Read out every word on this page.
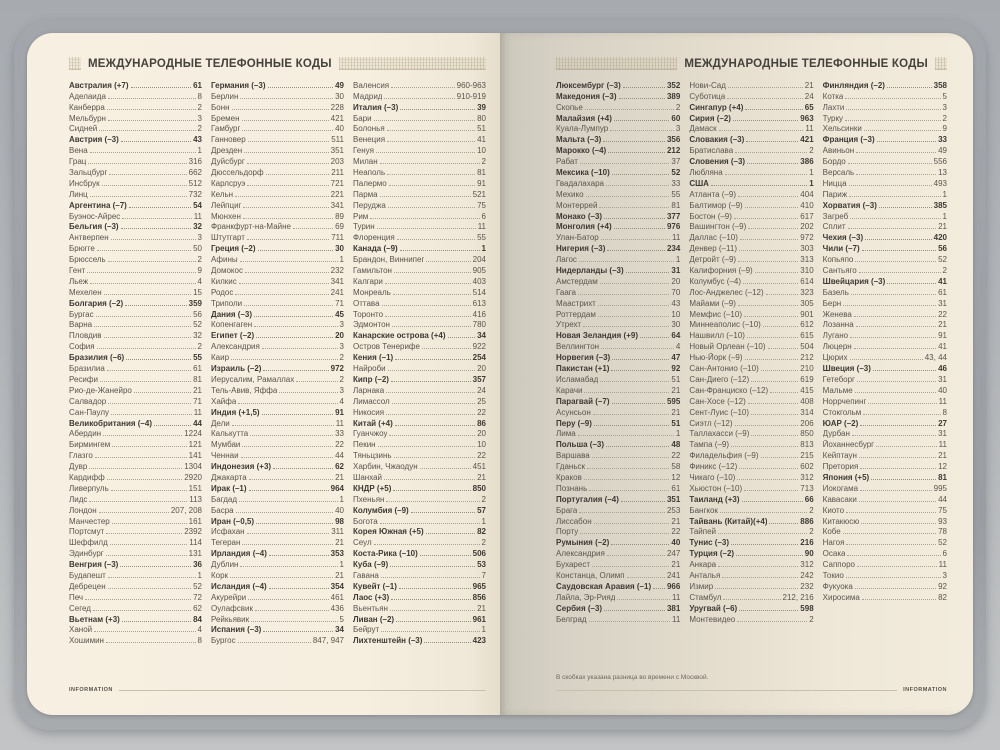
МЕЖДУНАРОДНЫЕ ТЕЛЕФОННЫЕ КОДЫ
Австралия (+7)	61
Аделаида	8
Канберра	2
Мельбурн	3
Сидней	2
Австрия (–3)	43
Вена	1
Грац	316
Зальцбург	662
Инсбрук	512
Линц	732
Аргентина (–7)	54
Буэнос-Айрес	11
Бельгия (–3)	32
Антверпен	3
Брюгге	50
Брюссель	2
Гент	9
Льеж	4
Мехелен	15
Болгария (–2)	359
Бургас	56
Варна	52
Пловдив	32
София	2
Бразилия (–6)	55
Бразилиа	61
Ресифи	81
Рио-де-Жанейро	21
Салвадор	71
Сан-Паулу	11
Великобритания (–4)	44
Абердин	1224
Бирмингем	121
Глазго	141
Дувр	1304
Кардифф	2920
Ливерпуль	151
Лидс	113
Лондон	207, 208
Манчестер	161
Портсмут	2392
Шеффилд	114
Эдинбург	131
Венгрия (–3)	36
Будапешт	1
Дебрецен	52
Печ	72
Сегед	62
Вьетнам (+3)	84
Ханой	4
Хошимин	8
Германия (–3)	49
Берлин	30
Бонн	228
Бремен	421
Гамбург	40
Ганновер	511
Дрезден	351
Дуйсбург	203
Дюссельдорф	211
Карлсруэ	721
Кельн	221
Лейпциг	341
Мюнхен	89
Франкфурт-на-Майне	69
Штутгарт	711
Греция (–2)	30
Афины	1
Домокос	232
Килкис	341
Родос	241
Триполи	71
Дания (–3)	45
Копенгаген	3
Египет (–2)	20
Александрия	3
Каир	2
Израиль (–2)	972
Иерусалим, Рамаллах	2
Тель-Авив, Яффа	3
Хайфа	4
Индия (+1,5)	91
Дели	11
Калькутта	33
Мумбаи	22
Ченнаи	44
Индонезия (+3)	62
Джакарта	21
Ирак (–1)	964
Багдад	1
Басра	40
Иран (–0,5)	98
Исфахан	311
Тегеран	21
Ирландия (–4)	353
Дублин	1
Корк	21
Исландия (–4)	354
Акурейри	461
Оулафсвик	436
Рейкьявик	5
Испания (–3)	34
Бургос	847, 947
Валенсия	960-963
Мадрид	910-919
Италия (–3)	39
Бари	80
Болонья	51
Венеция	41
Генуя	10
Милан	2
Неаполь	81
Палермо	91
Парма	521
Перуджа	75
Рим	6
Турин	11
Флоренция	55
Канада (–9)	1
Брандон, Виннипег	204
Гамильтон	905
Калгари	403
Монреаль	514
Оттава	613
Торонто	416
Эдмонтон	780
Канарские острова (+4)	34
Остров Тенерифе	922
Кения (–1)	254
Найроби	20
Кипр (–2)	357
Ларнака	24
Лимассол	25
Никосия	22
Китай (+4)	86
Гуанчжоу	20
Пекин	10
Тяньцзинь	22
Харбин, Чжаодун	451
Шанхай	21
КНДР (+5)	850
Пхеньян	2
Колумбия (–9)	57
Богота	1
Корея Южная (+5)	82
Сеул	2
Коста-Рика (–10)	506
Куба (–9)	53
Гавана	7
Кувейт (–1)	965
Лаос (+3)	856
Вьентьян	21
Ливан (–2)	961
Бейрут	1
Лихтенштейн (–3)	423
INFORMATION
МЕЖДУНАРОДНЫЕ ТЕЛЕФОННЫЕ КОДЫ
Люксембург (–3)	352
Македония (–3)	389
Скопье	2
Малайзия (+4)	60
Куала-Лумпур	3
Мальта (–3)	356
Марокко (–4)	212
Рабат	37
Мексика (–10)	52
Гвадалахара	33
Мехико	55
Монтеррей	81
Монако (–3)	377
Монголия (+4)	976
Улан-Батор	11
Нигерия (–3)	234
Лагос	1
Нидерланды (–3)	31
Амстердам	20
Гаага	70
Маастрихт	43
Роттердам	10
Утрехт	30
Новая Зеландия (+9)	64
Веллингтон	4
Норвегия (–3)	47
Пакистан (+1)	92
Исламабад	51
Карачи	21
Парагвай (–7)	595
Асунсьон	21
Перу (–9)	51
Лима	1
Польша (–3)	48
Варшава	22
Гданьск	58
Краков	12
Познань	61
Португалия (–4)	351
Брага	253
Лиссабон	21
Порту	22
Румыния (–2)	40
Александрия	247
Бухарест	21
Констанца, Олимп	241
Саудовская Аравия (–1) 966
Лайла, Эр-Рияд	11
Сербия (–3)	381
Белград	11
Нови-Сад	21
Суботица	24
Сингапур (+4)	65
Сирия (–2)	963
Дамаск	11
Словакия (–3)	421
Братислава	2
Словения (–3)	386
Любляна	1
США	1
Атланта (–9)	404
Балтимор (–9)	410
Бостон (–9)	617
Вашингтон (–9)	202
Даллас (–10)	972
Денвер (–11)	303
Детройт (–9)	313
Калифорния (–9)	310
Колумбус (–4)	614
Лос-Анджелес (–12)	323
Майами (–9)	305
Мемфис (–10)	901
Миннеаполис (–10)	612
Нашвилл (–10)	615
Новый Орлеан (–10)	504
Нью-Йорк (–9)	212
Сан-Антонио (–10)	210
Сан-Диего (–12)	619
Сан-Франциско (–12)	415
Сан-Хосе (–12)	408
Сент-Луис (–10)	314
Сиэтл (–12)	206
Таллахасси (–9)	850
Тампа (–9)	813
Филадельфия (–9)	215
Финикс (–12)	602
Чикаго (–10)	312
Хьюстон (–10)	713
Таиланд (+3)	66
Бангкок	2
Тайвань (Китай)(+4)	886
Тайпей	2
Тунис (–3)	216
Турция (–2)	90
Анкара	312
Анталья	242
Измир	232
Стамбул	212, 216
Уругвай (–6)	598
Монтевидео	2
Финляндия (–2)	358
Котка	5
Лахти	3
Турку	2
Хельсинки	9
Франция (–3)	33
Авиньон	49
Бордо	556
Версаль	13
Ницца	493
Париж	1
Хорватия (–3)	385
Загреб	1
Сплит	21
Чехия (–3)	420
Чили (–7)	56
Копьяпо	52
Сантьяго	2
Швейцария (–3)	41
Базель	61
Берн	31
Женева	22
Лозанна	21
Лугано	91
Люцерн	41
Цюрих	43, 44
Швеция (–3)	46
Гетеборг	31
Мальме	40
Норрчепинг	11
Стокгольм	8
ЮАР (–2)	27
Дурбан	31
Йоханнесбург	11
Кейптаун	21
Претория	12
Япония (+5)	81
Иокогама	995
Кавасаки	44
Киото	75
Китакюсю	93
Кобе	78
Нагоя	52
Осака	6
Саппоро	11
Токио	3
Фукуока	92
Хиросима	82
В скобках указана разница во времени с Москвой.
INFORMATION
